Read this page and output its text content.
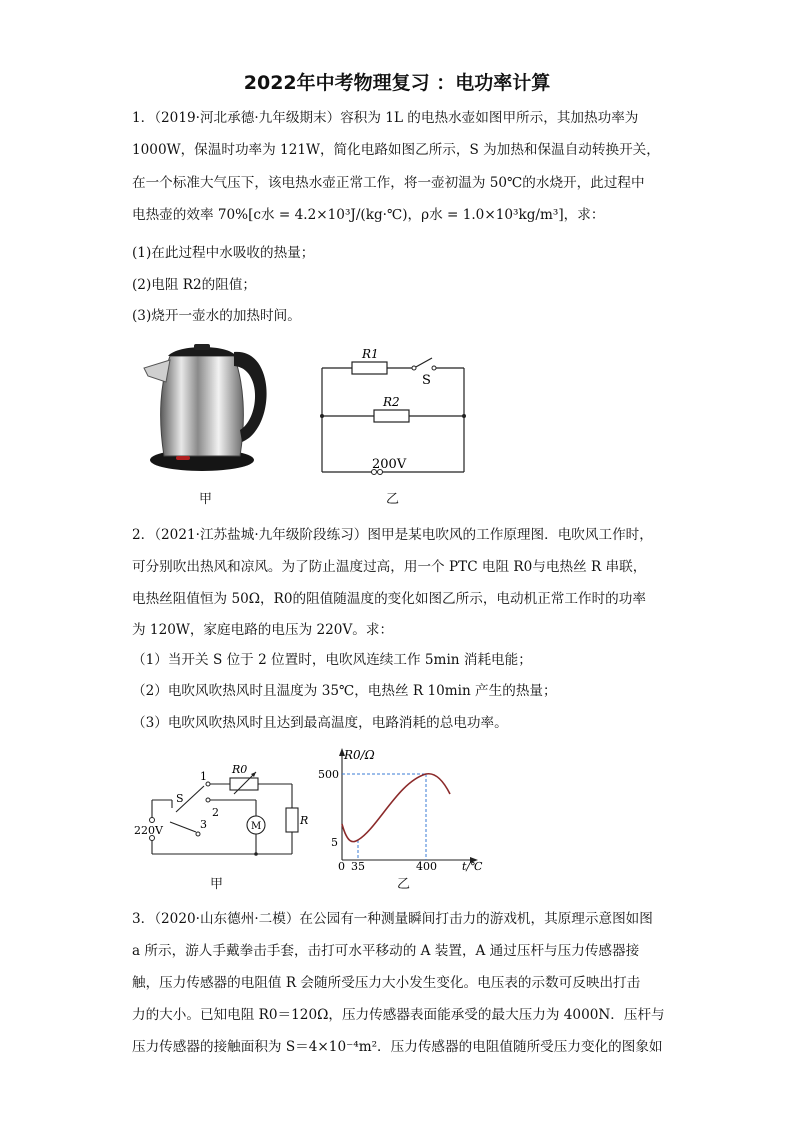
2022年中考物理复习 ：电功率计算
1．（2019·河北承德·九年级期末）容积为 1L 的电热水壶如图甲所示，其加热功率为
1000W，保温时功率为 121W，简化电路如图乙所示，S 为加热和保温自动转换开关，
在一个标准大气压下，该电热水壶正常工作，将一壶初温为 50℃的水烧开，此过程中
电热壶的效率 70%[c水 = 4.2×10³J/(kg·℃)，ρ水 = 1.0×10³kg/m³]，求：
(1)在此过程中水吸收的热量；
(2)电阻 R2的阻值；
(3)烧开一壶水的加热时间。
甲
R1
S
R2
200V
乙
2．（2021·江苏盐城·九年级阶段练习）图甲是某电吹风的工作原理图．电吹风工作时，
可分别吹出热风和凉风。为了防止温度过高，用一个 PTC 电阻 R0与电热丝 R 串联，
电热丝阻值恒为 50Ω，R0的阻值随温度的变化如图乙所示，电动机正常工作时的功率
为 120W，家庭电路的电压为 220V。求：
（1）当开关 S 位于 2 位置时，电吹风连续工作 5min 消耗电能；
（2）电吹风吹热风时且温度为 35℃，电热丝 R 10min 产生的热量；
（3）电吹风吹热风时且达到最高温度，电路消耗的总电功率。
1
2
3
S
R0
M	R
220V
甲
R0/Ω
500
5
0 35	400 t/℃
乙
3．（2020·山东德州·二模）在公园有一种测量瞬间打击力的游戏机，其原理示意图如图
a 所示，游人手戴拳击手套，击打可水平移动的 A 装置，A 通过压杆与压力传感器接
触，压力传感器的电阻值 R 会随所受压力大小发生变化。电压表的示数可反映出打击
力的大小。已知电阻 R0＝120Ω，压力传感器表面能承受的最大压力为 4000N．压杆与
压力传感器的接触面积为 S＝4×10⁻⁴m²．压力传感器的电阻值随所受压力变化的图象如
